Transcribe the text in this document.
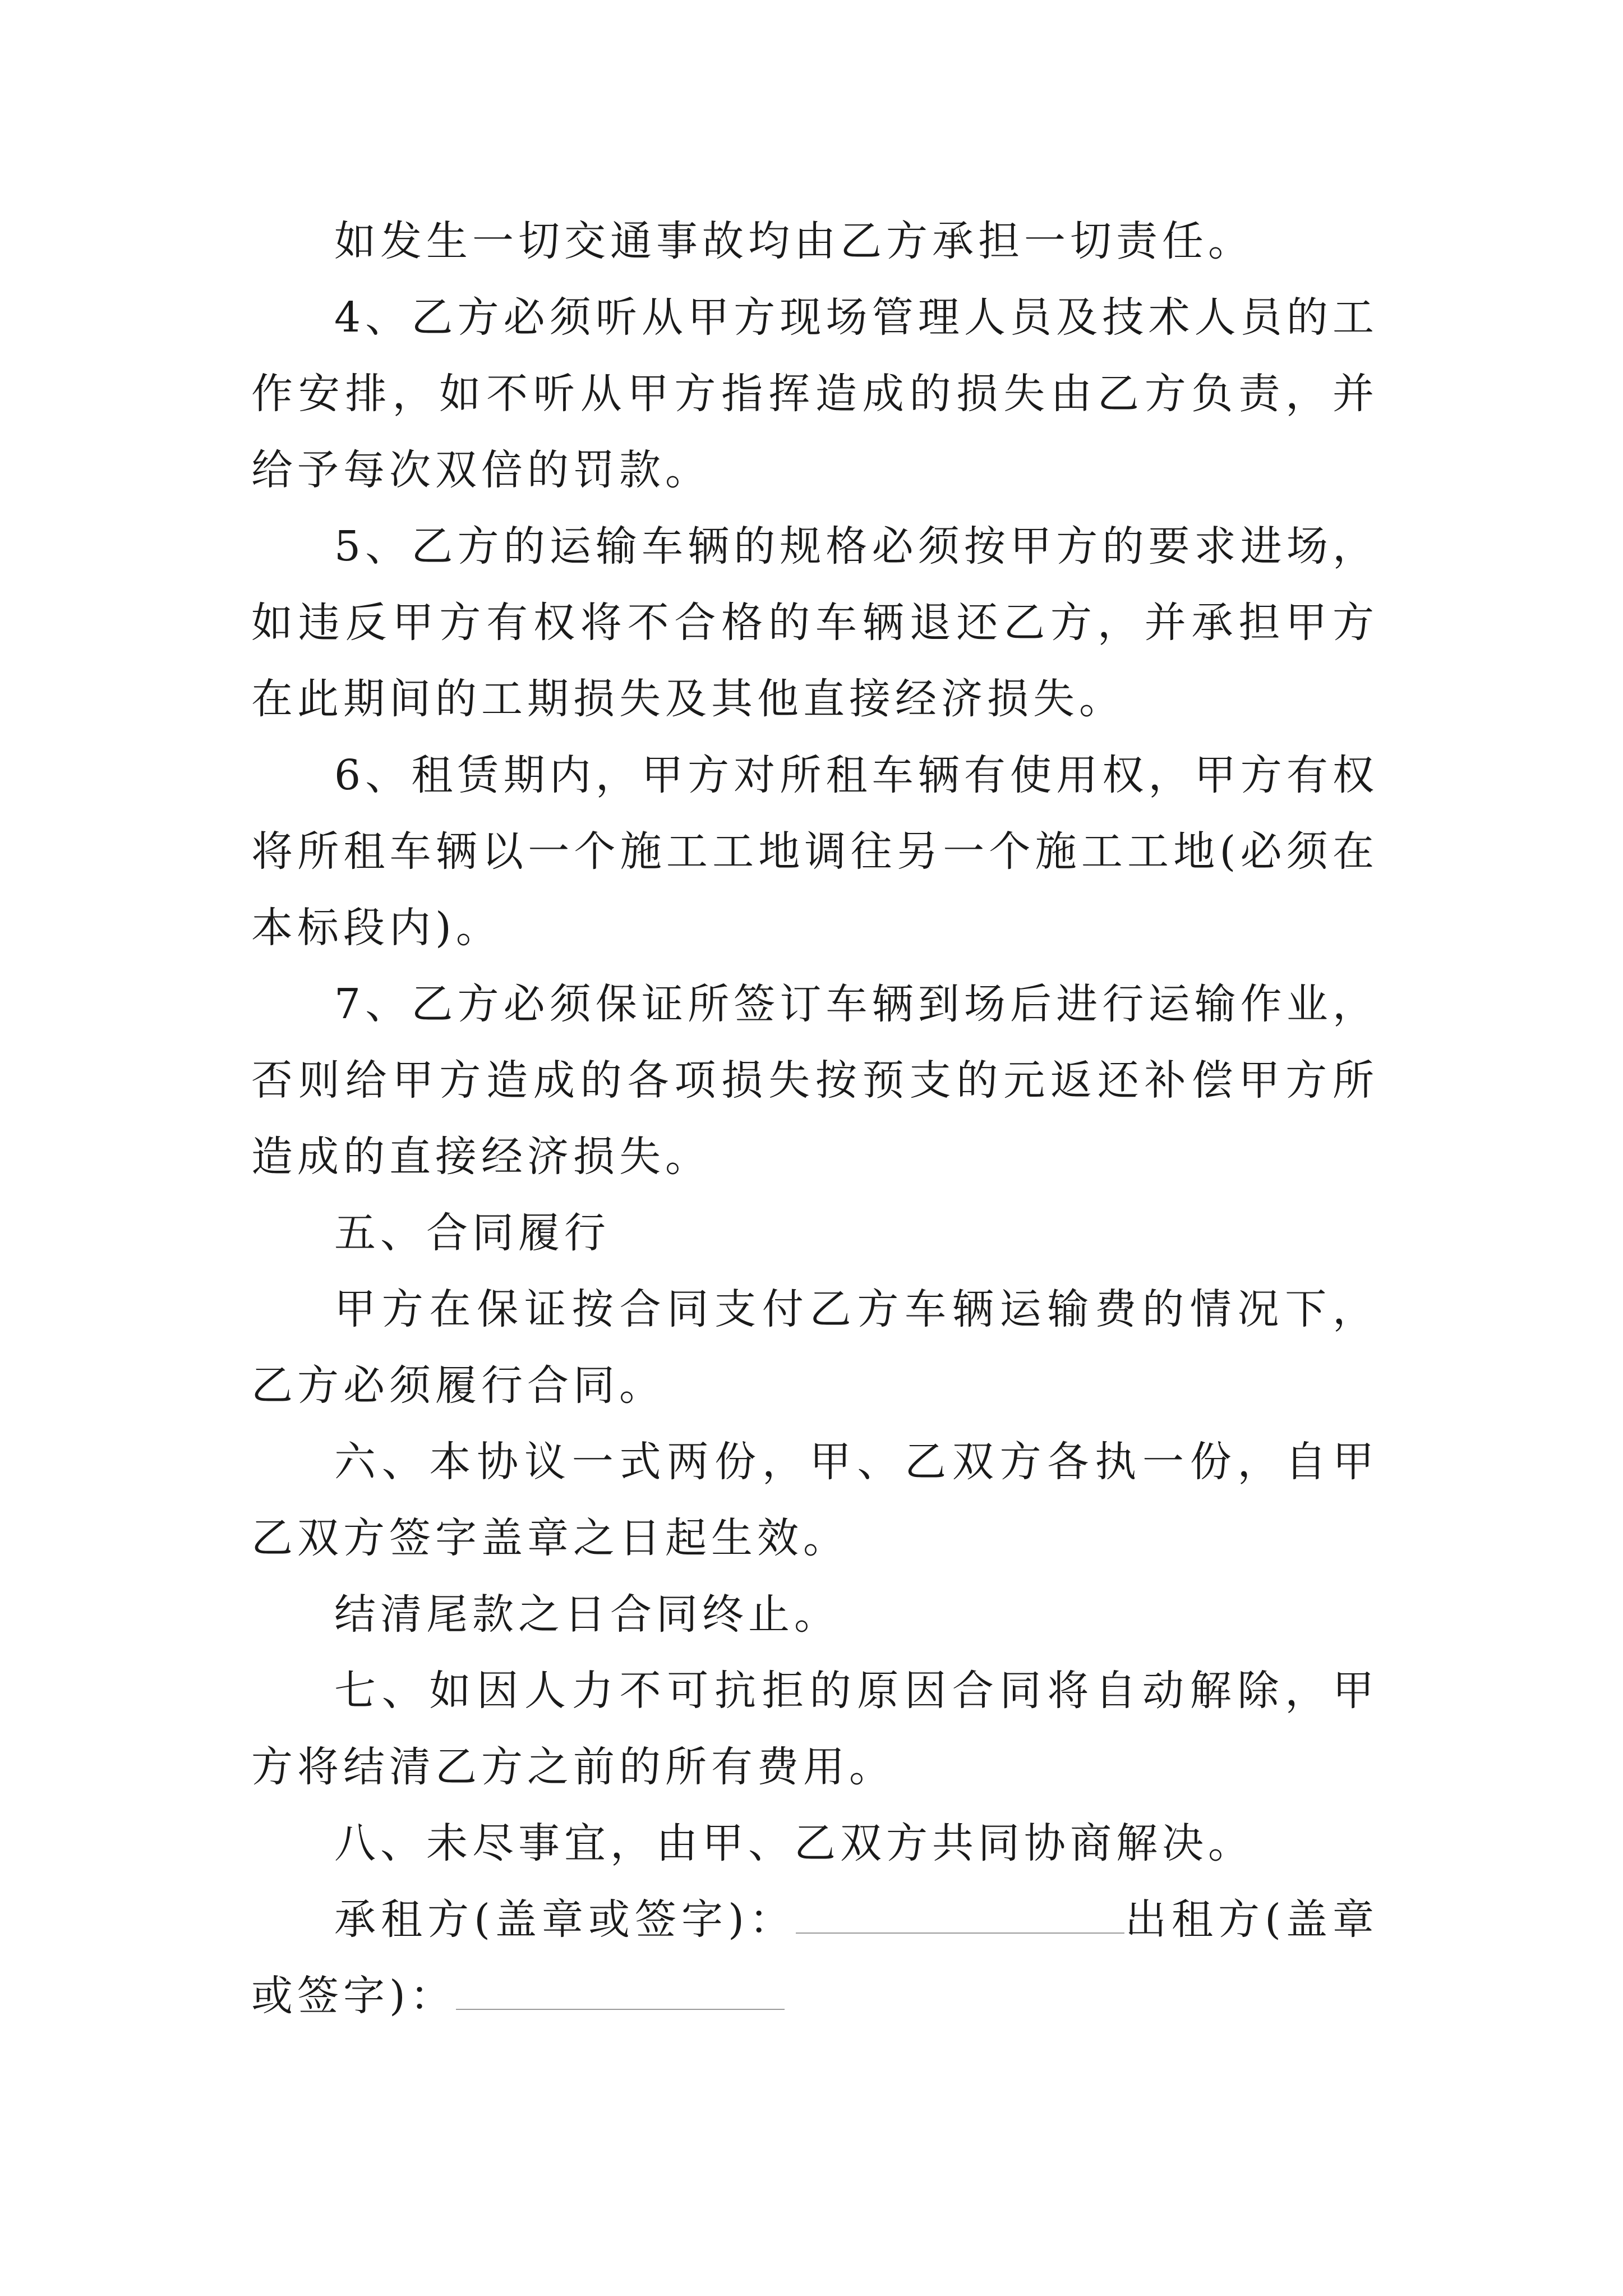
如发生一切交通事故均由乙方承担一切责任。

4、乙方必须听从甲方现场管理人员及技术人员的工作安排，如不听从甲方指挥造成的损失由乙方负责，并给予每次双倍的罚款。

5、乙方的运输车辆的规格必须按甲方的要求进场，如违反甲方有权将不合格的车辆退还乙方，并承担甲方在此期间的工期损失及其他直接经济损失。

6、租赁期内，甲方对所租车辆有使用权，甲方有权将所租车辆以一个施工工地调往另一个施工工地(必须在本标段内)。

7、乙方必须保证所签订车辆到场后进行运输作业，否则给甲方造成的各项损失按预支的元返还补偿甲方所造成的直接经济损失。

五、合同履行

甲方在保证按合同支付乙方车辆运输费的情况下，乙方必须履行合同。

六、本协议一式两份，甲、乙双方各执一份，自甲乙双方签字盖章之日起生效。

结清尾款之日合同终止。

七、如因人力不可抗拒的原因合同将自动解除，甲方将结清乙方之前的所有费用。

八、未尽事宜，由甲、乙双方共同协商解决。

承租方(盖章或签字)：	出租方(盖章或签字)：
